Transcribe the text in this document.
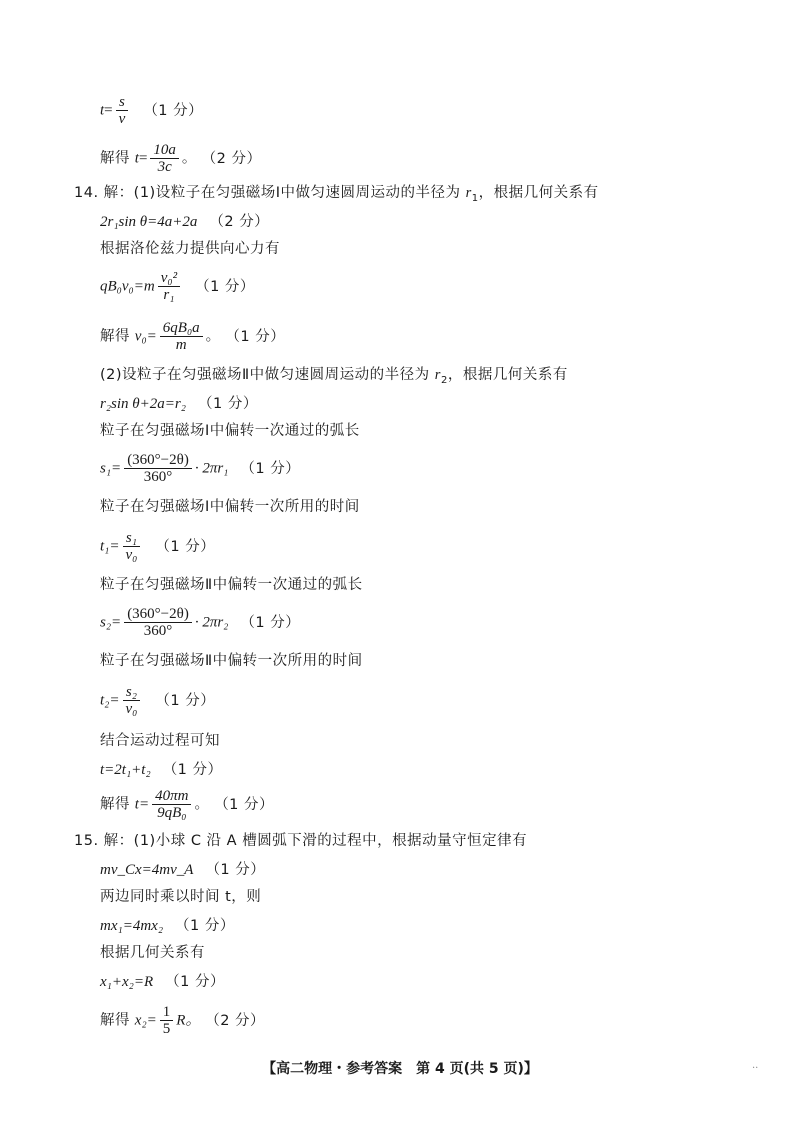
$t= \frac{s}{v} (1$ 分）
解得 $t= \frac{10a}{3c}$ 。 （2 分）
14. 解：(1)设粒子在匀强磁场Ⅰ中做匀速圆周运动的半径为 $r_1$，根据几何关系有
2r₁sin θ=4a+2a （2 分）
根据洛伦兹力提供向心力有
$qB_0v_0=m \frac{\text{v₀²}}{\text{r₁}} (1$ 分）
解得 $v_0= \frac{\text{6qB₀a}}{m}$ 。 （1 分）
(2)设粒子在匀强磁场Ⅱ中做匀速圆周运动的半径为 $r_2$，根据几何关系有
r₂sin θ+2a=r₂ （1 分）
粒子在匀强磁场Ⅰ中偏转一次通过的弧长
$s_1= \frac{(360^\circ-2\theta)}{360^\circ} \cdot 2\pi r_1$ （1 分）
粒子在匀强磁场Ⅰ中偏转一次所用的时间
$t_1= \frac{\text{s₁}}{\text{v₀}} (1$ 分）
粒子在匀强磁场Ⅱ中偏转一次通过的弧长
$s_2= \frac{(360^\circ-2\theta)}{360^\circ} \cdot 2\pi r_2$ （1 分）
粒子在匀强磁场Ⅱ中偏转一次所用的时间
$t_2= \frac{\text{s₂}}{\text{v₀}} (1$ 分）
结合运动过程可知
t=2t₁+t₂ （1 分）
解得 $t= \frac{40\pi m}{\text{9qB₀}}$ 。 （1 分）
15. 解：(1)小球 C 沿 A 槽圆弧下滑的过程中，根据动量守恒定律有
mv_Cx=4mv_A （1 分）
两边同时乘以时间 t，则
mx₁=4mx₂ （1 分）
根据几何关系有
x₁+x₂=R （1 分）
解得 $x_2= \frac{1}{5}$ R。 （2 分）
【高二物理・参考答案　第 4 页(共 5 页)】	..
